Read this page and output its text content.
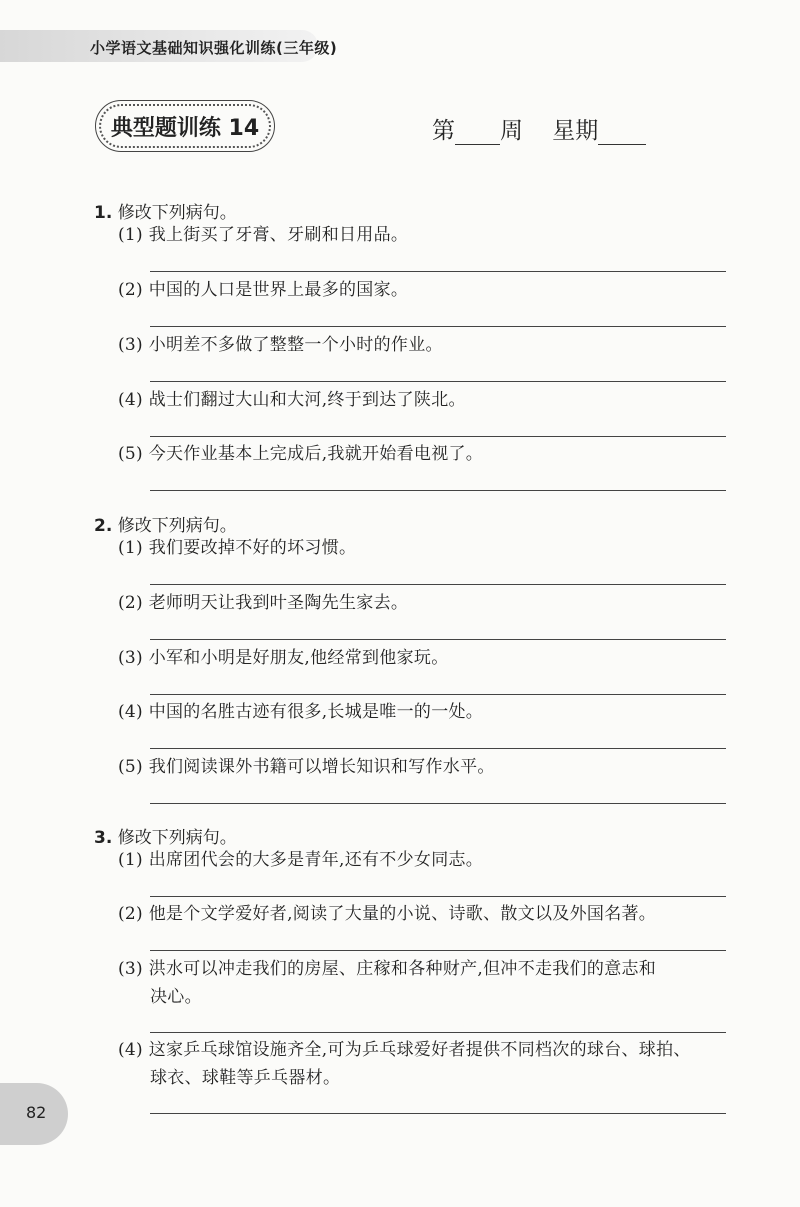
小学语文基础知识强化训练(三年级)
典型题训练 14	第 周 星期
1. 修改下列病句。
(1) 我上街买了牙膏、牙刷和日用品。
(2) 中国的人口是世界上最多的国家。
(3) 小明差不多做了整整一个小时的作业。
(4) 战士们翻过大山和大河,终于到达了陕北。
(5) 今天作业基本上完成后,我就开始看电视了。
2. 修改下列病句。
(1) 我们要改掉不好的坏习惯。
(2) 老师明天让我到叶圣陶先生家去。
(3) 小军和小明是好朋友,他经常到他家玩。
(4) 中国的名胜古迹有很多,长城是唯一的一处。
(5) 我们阅读课外书籍可以增长知识和写作水平。
3. 修改下列病句。
(1) 出席团代会的大多是青年,还有不少女同志。
(2) 他是个文学爱好者,阅读了大量的小说、诗歌、散文以及外国名著。
(3) 洪水可以冲走我们的房屋、庄稼和各种财产,但冲不走我们的意志和
决心。
(4) 这家乒乓球馆设施齐全,可为乒乓球爱好者提供不同档次的球台、球拍、
球衣、球鞋等乒乓器材。
82
